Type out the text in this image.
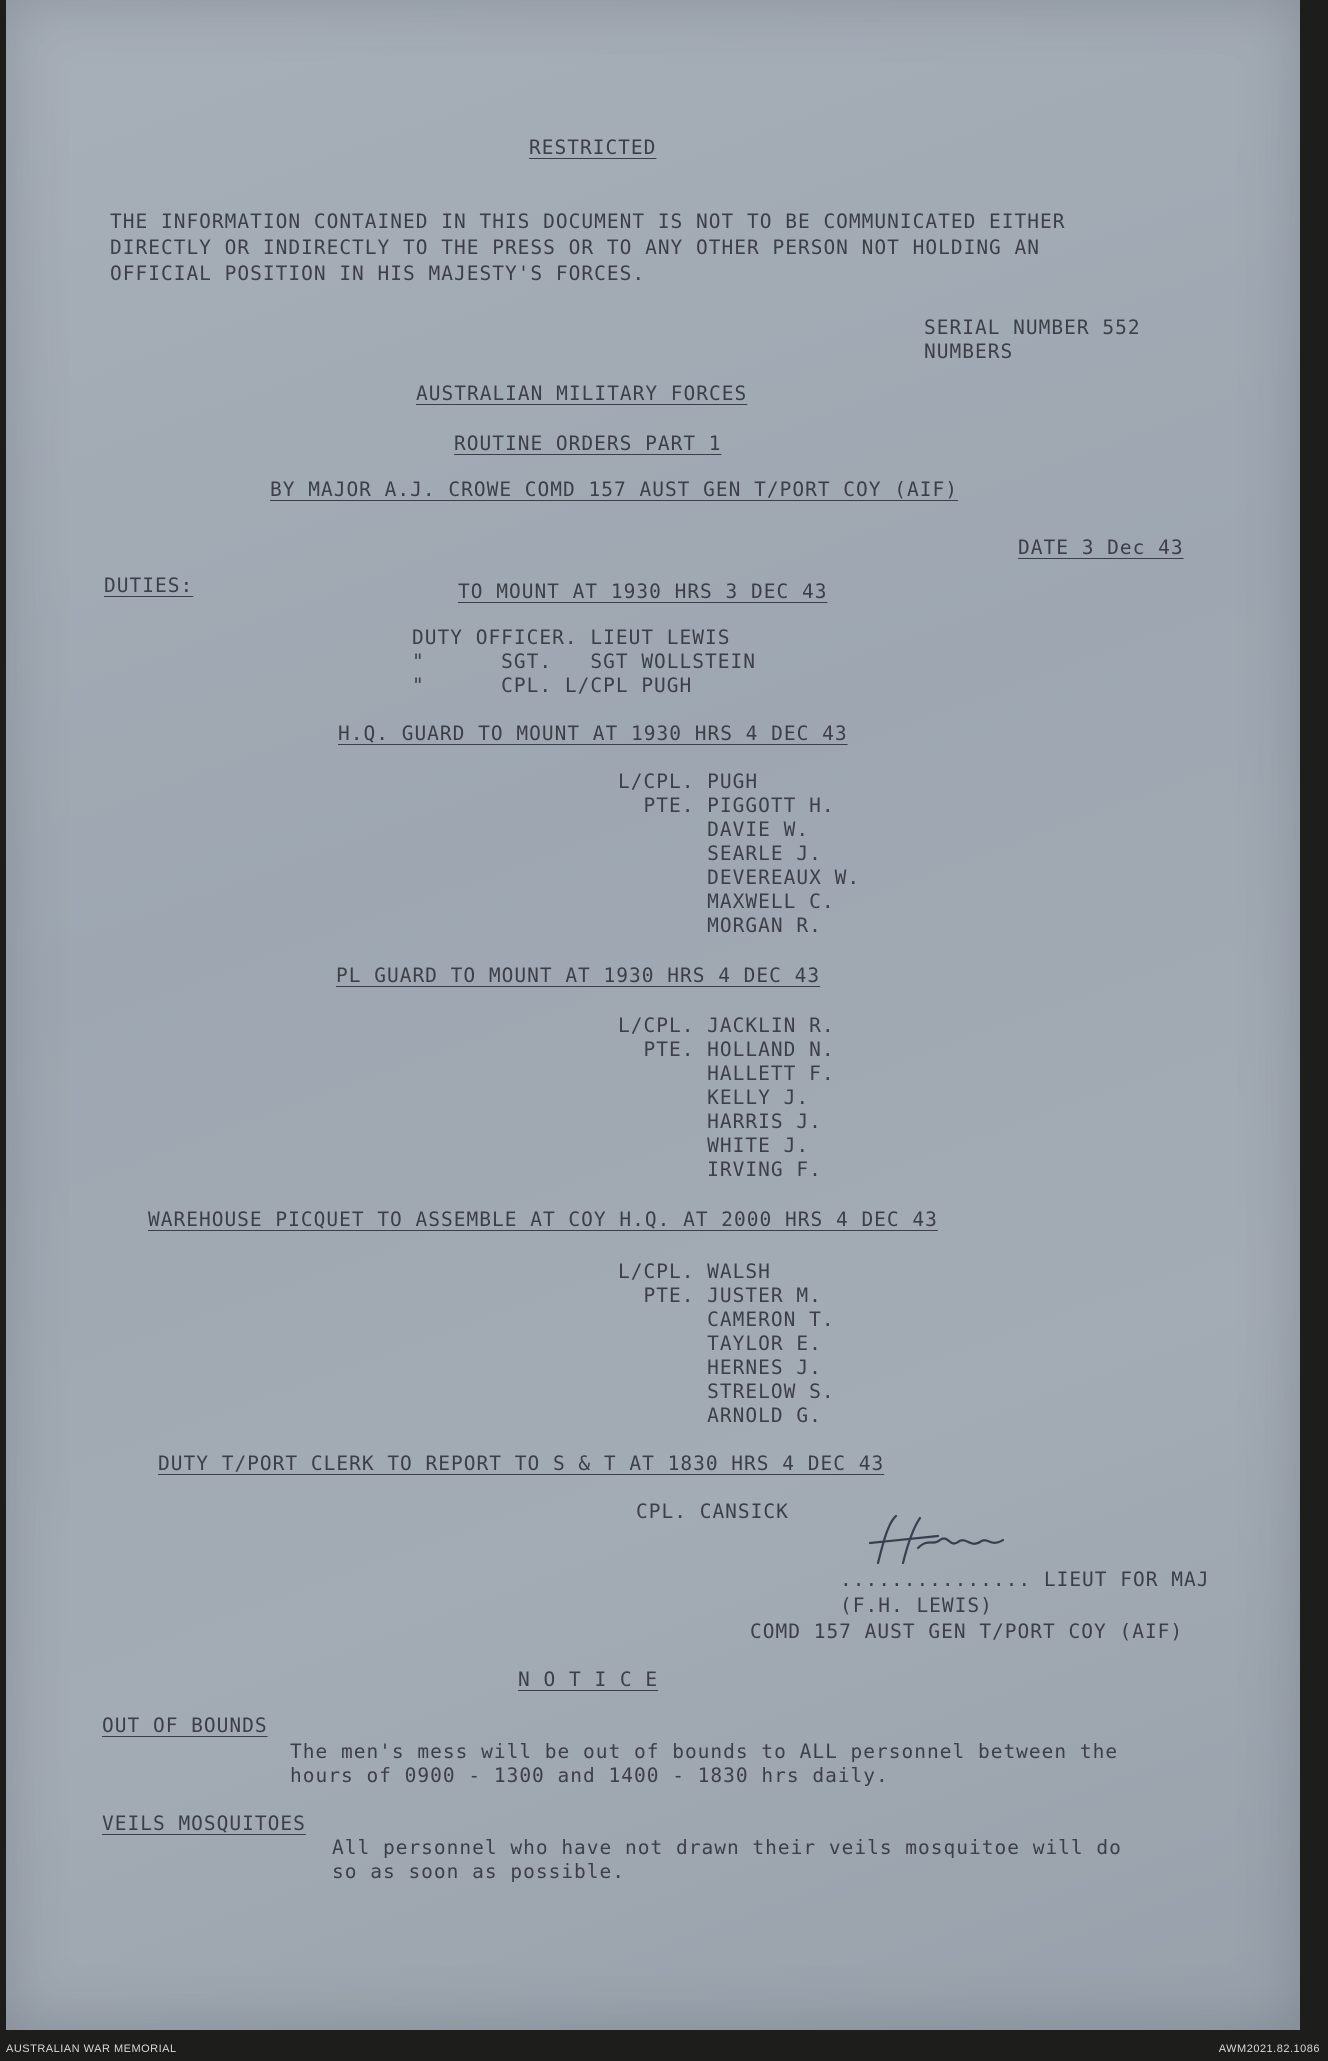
RESTRICTED
THE INFORMATION CONTAINED IN THIS DOCUMENT IS NOT TO BE COMMUNICATED EITHER
DIRECTLY OR INDIRECTLY TO THE PRESS OR TO ANY OTHER PERSON NOT HOLDING AN
OFFICIAL POSITION IN HIS MAJESTY'S FORCES.
SERIAL NUMBER 552
NUMBERS
AUSTRALIAN MILITARY FORCES
ROUTINE ORDERS PART 1
BY MAJOR A.J. CROWE COMD 157 AUST GEN T/PORT COY (AIF)
DATE 3 Dec 43
DUTIES:	TO MOUNT AT 1930 HRS 3 DEC 43
DUTY OFFICER. LIEUT LEWIS
"      SGT.   SGT WOLLSTEIN
"      CPL. L/CPL PUGH
H.Q. GUARD TO MOUNT AT 1930 HRS 4 DEC 43
L/CPL. PUGH
PTE. PIGGOTT H.
DAVIE W.
SEARLE J.
DEVEREAUX W.
MAXWELL C.
MORGAN R.
PL GUARD TO MOUNT AT 1930 HRS 4 DEC 43
L/CPL. JACKLIN R.
PTE. HOLLAND N.
HALLETT F.
KELLY J.
HARRIS J.
WHITE J.
IRVING F.
WAREHOUSE PICQUET TO ASSEMBLE AT COY H.Q. AT 2000 HRS 4 DEC 43
L/CPL. WALSH
PTE. JUSTER M.
CAMERON T.
TAYLOR E.
HERNES J.
STRELOW S.
ARNOLD G.
DUTY T/PORT CLERK TO REPORT TO S & T AT 1830 HRS 4 DEC 43
CPL. CANSICK
............... LIEUT FOR MAJ
(F.H. LEWIS)
COMD 157 AUST GEN T/PORT COY (AIF)
N O T I C E
OUT OF BOUNDS
The men's mess will be out of bounds to ALL personnel between the
hours of 0900 - 1300 and 1400 - 1830 hrs daily.
VEILS MOSQUITOES
All personnel who have not drawn their veils mosquitoe will do
so as soon as possible.
AUSTRALIAN WAR MEMORIAL	AWM2021.82.1086
